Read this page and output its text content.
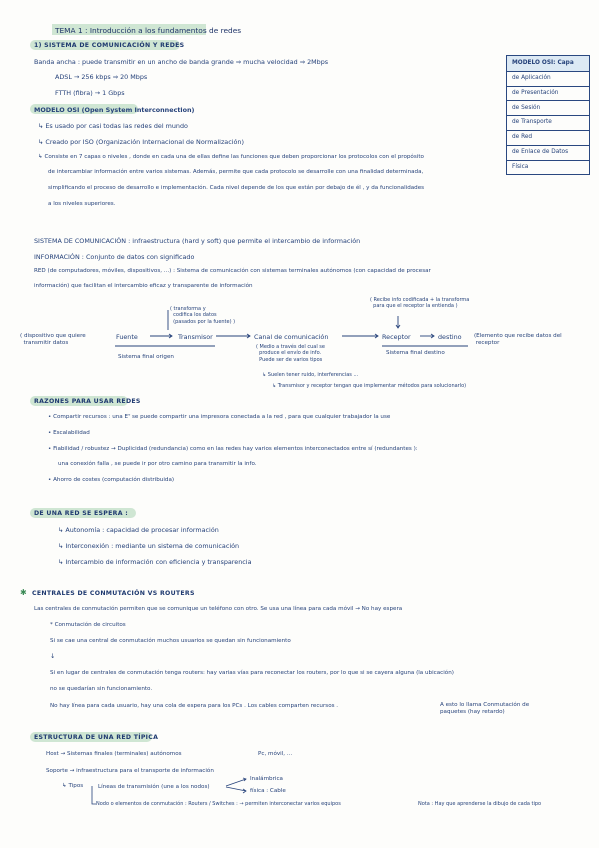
TEMA 1 : Introducción a los fundamentos de redes
1) SISTEMA DE COMUNICACIÓN Y REDES
Banda ancha : puede transmitir en un ancho de banda grande ⇒ mucha velocidad ⇒ 2Mbps
ADSL → 256 kbps ⇒ 20 Mbps
FTTH (fibra) → 1 Gbps
MODELO OSI (Open System Interconnection)
↳ Es usado por casi todas las redes del mundo
↳ Creado por ISO (Organización Internacional de Normalización)
↳ Consiste en 7 capas o niveles , donde en cada una de ellas define las funciones que deben proporcionar los protocolos con el propósito
de intercambiar información entre varios sistemas. Además, permite que cada protocolo se desarrolle con una finalidad determinada,
simplificando el proceso de desarrollo e implementación. Cada nivel depende de los que están por debajo de él , y da funcionalidades
a los niveles superiores.
MODELO OSI: Capa
de Aplicación
de Presentación
de Sesión
de Transporte
de Red
de Enlace de Datos
Física
SISTEMA DE COMUNICACIÓN : infraestructura (hard y soft) que permite el intercambio de información
INFORMACIÓN : Conjunto de datos con significado
RED (de computadores, móviles, dispositivos, ...) : Sistema de comunicación con sistemas terminales autónomos (con capacidad de procesar
información) que facilitan el intercambio eficaz y transparente de información
( transforma y
codifica los datos
(pasados por la fuente) )
( Recibe info codificada + la transforma
para que el receptor la entienda )
( dispositivo que quiere
transmitir datos
Fuente	Transmisor	Canal de comunicación	Receptor	destino (Elemento que recibe datos del
receptor
Sistema final origen
Sistema final destino
( Medio a través del cual se
produce el envío de info.
Puede ser de varios tipos
↳ Suelen tener ruido, interferencias ...
↳ Transmisor y receptor tengan que implementar métodos para solucionarlo)
RAZONES PARA USAR REDES
• Compartir recursos : una Eᵀ se puede compartir una impresora conectada a la red , para que cualquier trabajador la use
• Escalabilidad
• Fiabilidad / robustez → Duplicidad (redundancia) como en las redes hay varios elementos interconectados entre sí (redundantes ):
una conexión falla , se puede ir por otro camino para transmitir la info.
• Ahorro de costes (computación distribuida)
DE UNA RED SE ESPERA :
↳ Autonomía : capacidad de procesar información
↳ Interconexión : mediante un sistema de comunicación
↳ Intercambio de información con eficiencia y transparencia
✱ CENTRALES DE CONMUTACIÓN VS ROUTERS
Las centrales de conmutación permiten que se comunique un teléfono con otro. Se usa una línea para cada móvil → No hay espera
* Conmutación de circuitos
Si se cae una central de conmutación muchos usuarios se quedan sin funcionamiento
↓
Si en lugar de centrales de conmutación tenga routers: hay varias vías para reconectar los routers, por lo que si se cayera alguna (la ubicación)
no se quedarían sin funcionamiento.
No hay línea para cada usuario, hay una cola de espera para los PCs . Los cables comparten recursos .	A esto lo llama Conmutación de
paquetes (hay retardo)
ESTRUCTURA DE UNA RED TÍPICA
Host → Sistemas finales (terminales) autónomos	Pc, móvil, ...
Soporte → infraestructura para el transporte de información
↳ Tipos	Líneas de transmisión (une a los nodos)
Inalámbrica
física : Cable
Nodo o elementos de conmutación : Routers / Switches : → permiten interconectar varios equipos	Nota : Hay que aprenderse la dibujo de cada tipo
